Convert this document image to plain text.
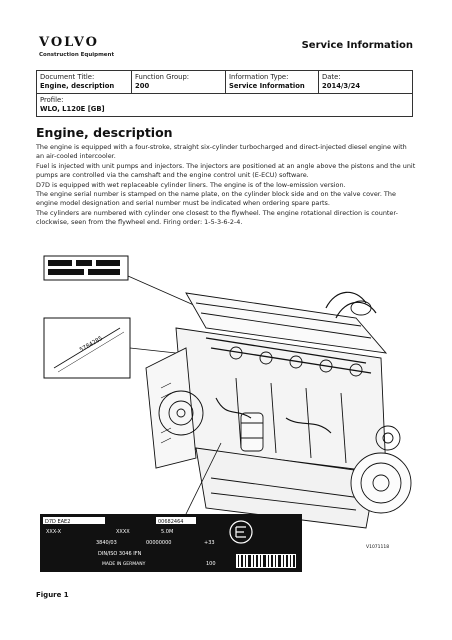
VOLVO
Construction Equipment
Service Information
Document Title:
Engine, description

Function Group:
200

Information Type:
Service Information

Date:
2014/3/24

Profile:
WLO, L120E [GB]
Engine, description

The engine is equipped with a four-stroke, straight six-cylinder turbocharged and direct-injected diesel engine with an air-cooled intercooler.

Fuel is injected with unit pumps and injectors. The injectors are positioned at an angle above the pistons and the unit pumps are controlled via the camshaft and the engine control unit (E-ECU) software.

D7D is equipped with wet replaceable cylinder liners. The engine is of the low-emission version.

The engine serial number is stamped on the name plate, on the cylinder block side and on the valve cover. The engine model designation and serial number must be indicated when ordering spare parts.

The cylinders are numbered with cylinder one closest to the flywheel. The engine rotational direction is counter-clockwise, seen from the flywheel end. Firing order: 1-5-3-6-2-4.

5784285
D7D EAE2	00682464
XXX-X	XXXX	5.0M
3840/03	00000000	+33
DIN/ISO 3046 IFN
MADE IN GERMANY	100
V1071118
Figure 1
